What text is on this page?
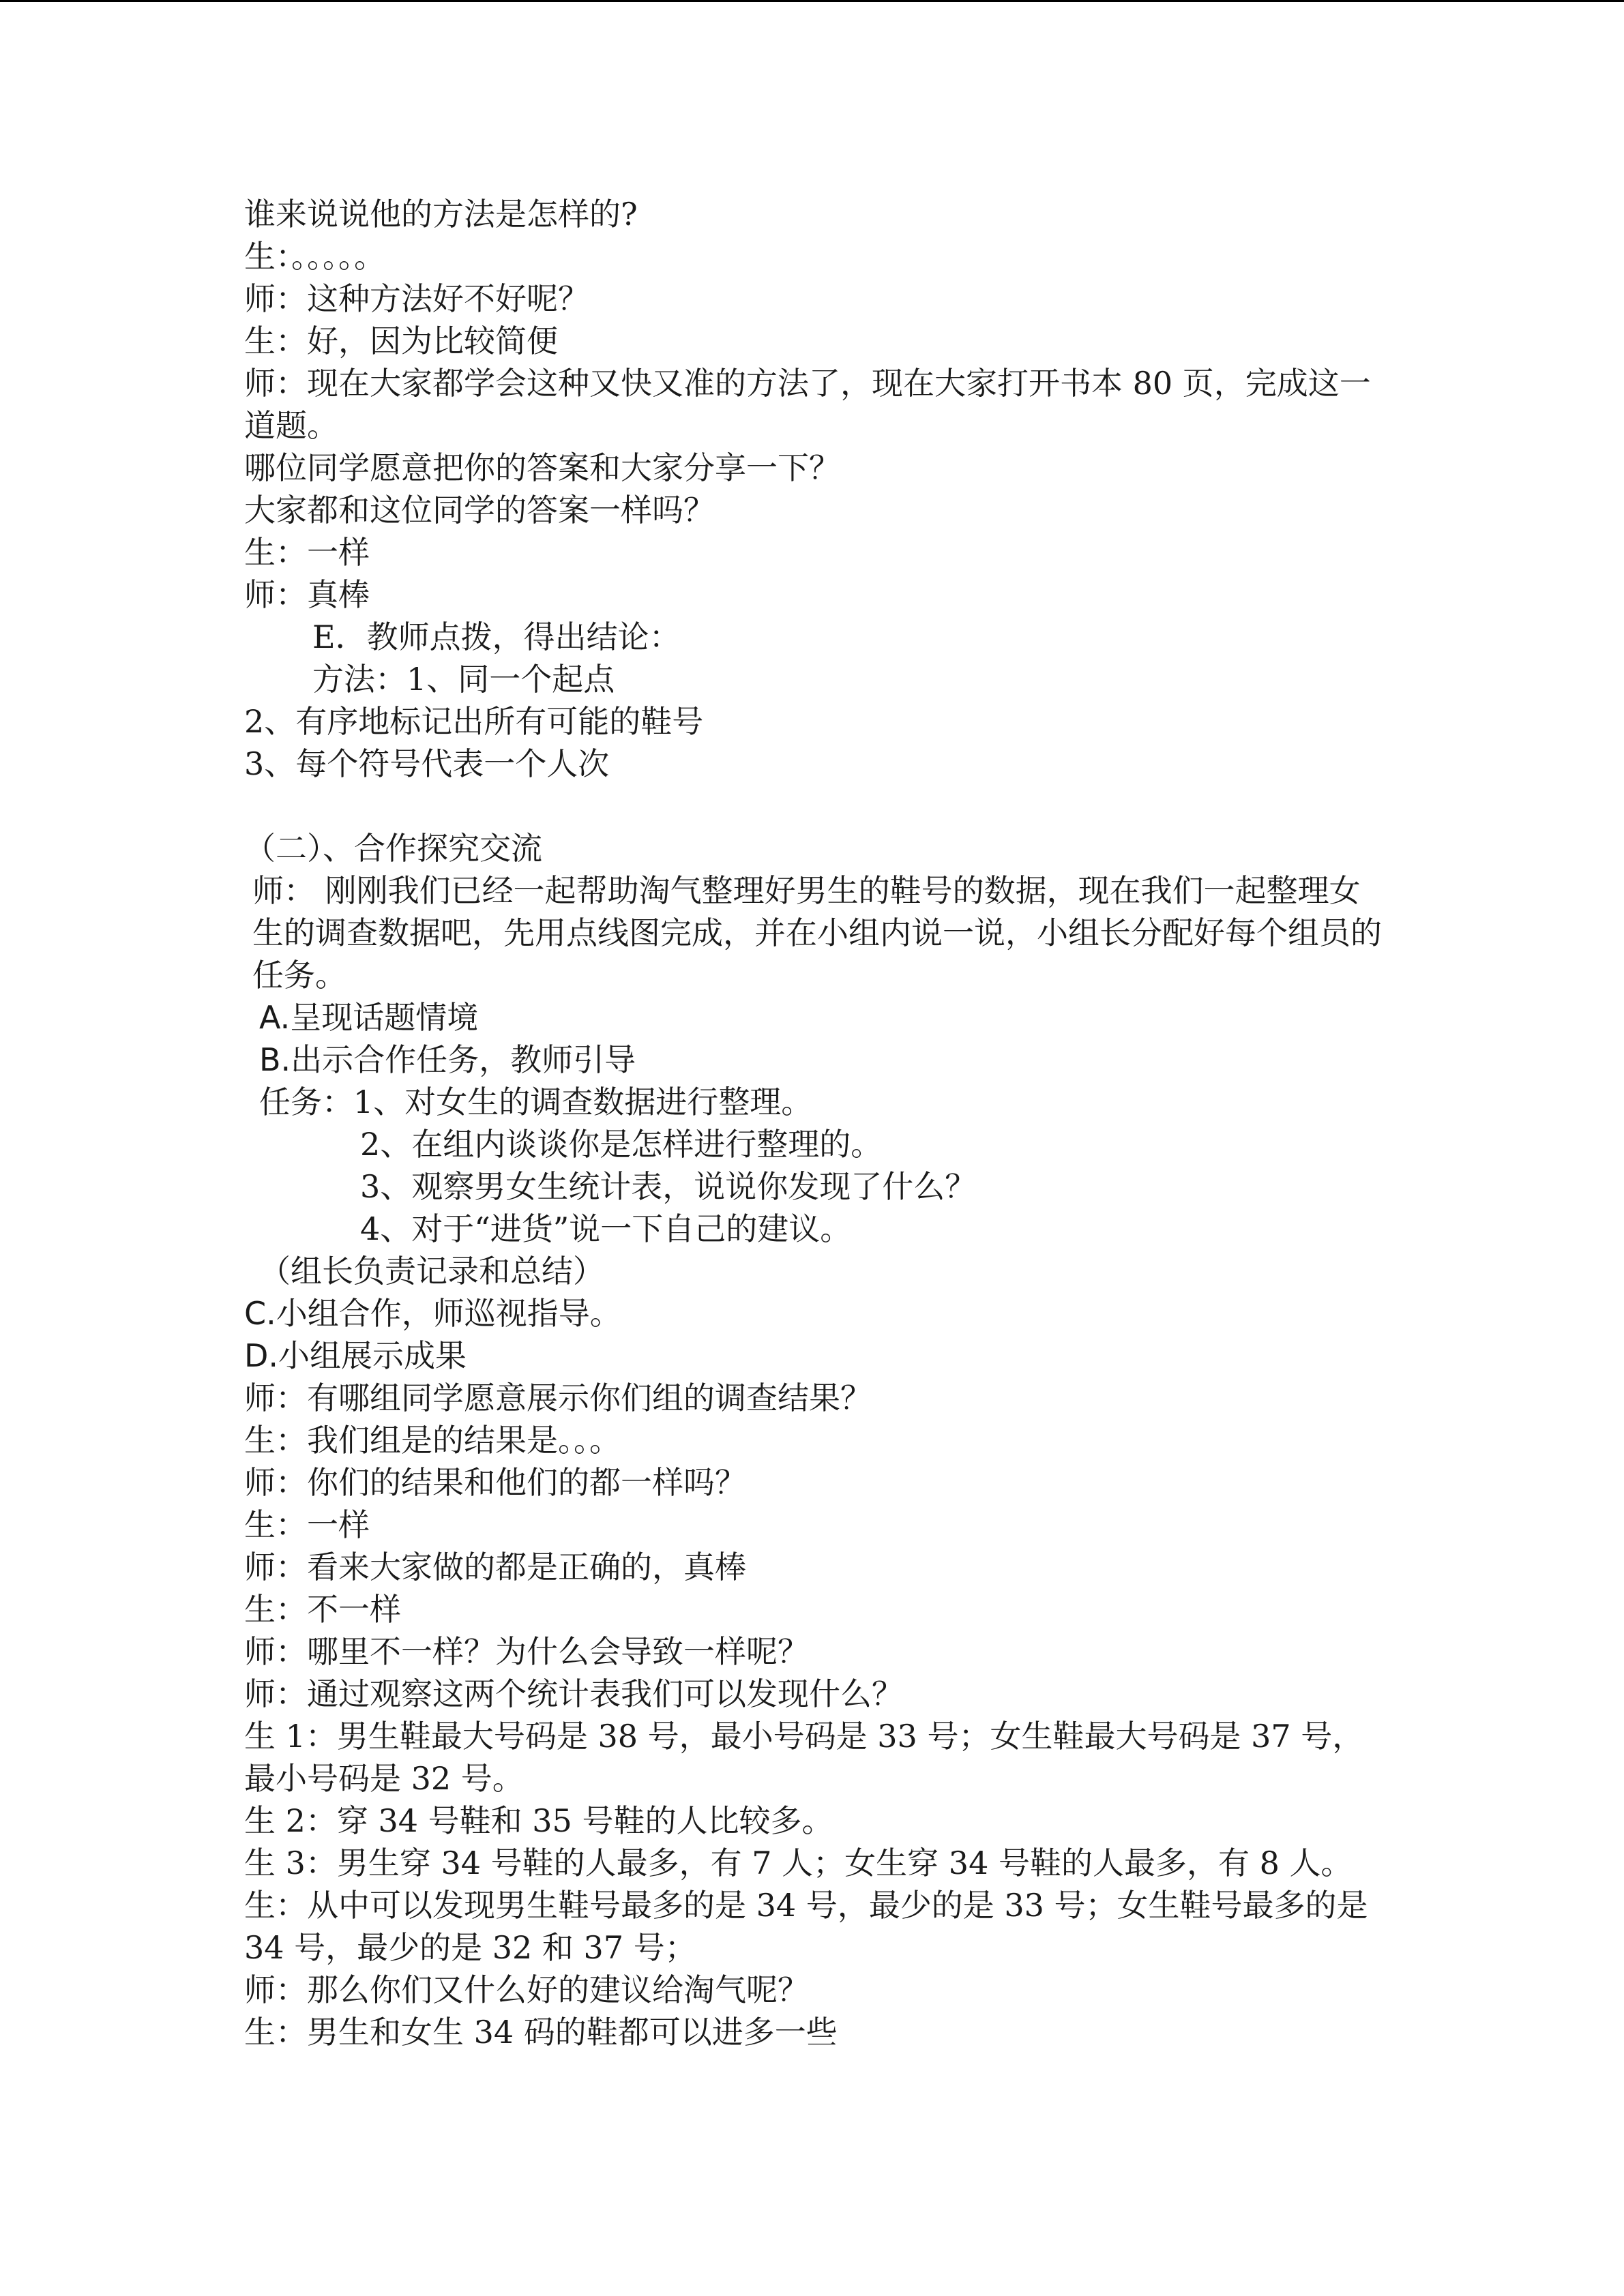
谁来说说他的方法是怎样的?
生：。。。。。
师：这种方法好不好呢？
生：好，因为比较简便
师：现在大家都学会这种又快又准的方法了，现在大家打开书本 80 页，完成这一道题。
哪位同学愿意把你的答案和大家分享一下？
大家都和这位同学的答案一样吗？
生：一样
师：真棒
E．教师点拨，得出结论：
方法：1、同一个起点
2、有序地标记出所有可能的鞋号
3、每个符号代表一个人次
（二）、合作探究交流
师： 刚刚我们已经一起帮助淘气整理好男生的鞋号的数据，现在我们一起整理女生的调查数据吧，先用点线图完成，并在小组内说一说，小组长分配好每个组员的任务。
A.呈现话题情境
B.出示合作任务，教师引导
任务：1、对女生的调查数据进行整理。
2、在组内谈谈你是怎样进行整理的。
3、观察男女生统计表，说说你发现了什么？
4、对于“进货”说一下自己的建议。
（组长负责记录和总结）
C.小组合作，师巡视指导。
D.小组展示成果
师：有哪组同学愿意展示你们组的调查结果？
生：我们组是的结果是。。。
师：你们的结果和他们的都一样吗？
生：一样
师：看来大家做的都是正确的，真棒
生：不一样
师：哪里不一样？为什么会导致一样呢？
师：通过观察这两个统计表我们可以发现什么？
生 1：男生鞋最大号码是 38 号，最小号码是 33 号；女生鞋最大号码是 37 号，最小号码是 32 号。
生 2：穿 34 号鞋和 35 号鞋的人比较多。
生 3：男生穿 34 号鞋的人最多，有 7 人；女生穿 34 号鞋的人最多，有 8 人。
生：从中可以发现男生鞋号最多的是 34 号，最少的是 33 号；女生鞋号最多的是 34 号，最少的是 32 和 37 号；
师：那么你们又什么好的建议给淘气呢？
生：男生和女生 34 码的鞋都可以进多一些
